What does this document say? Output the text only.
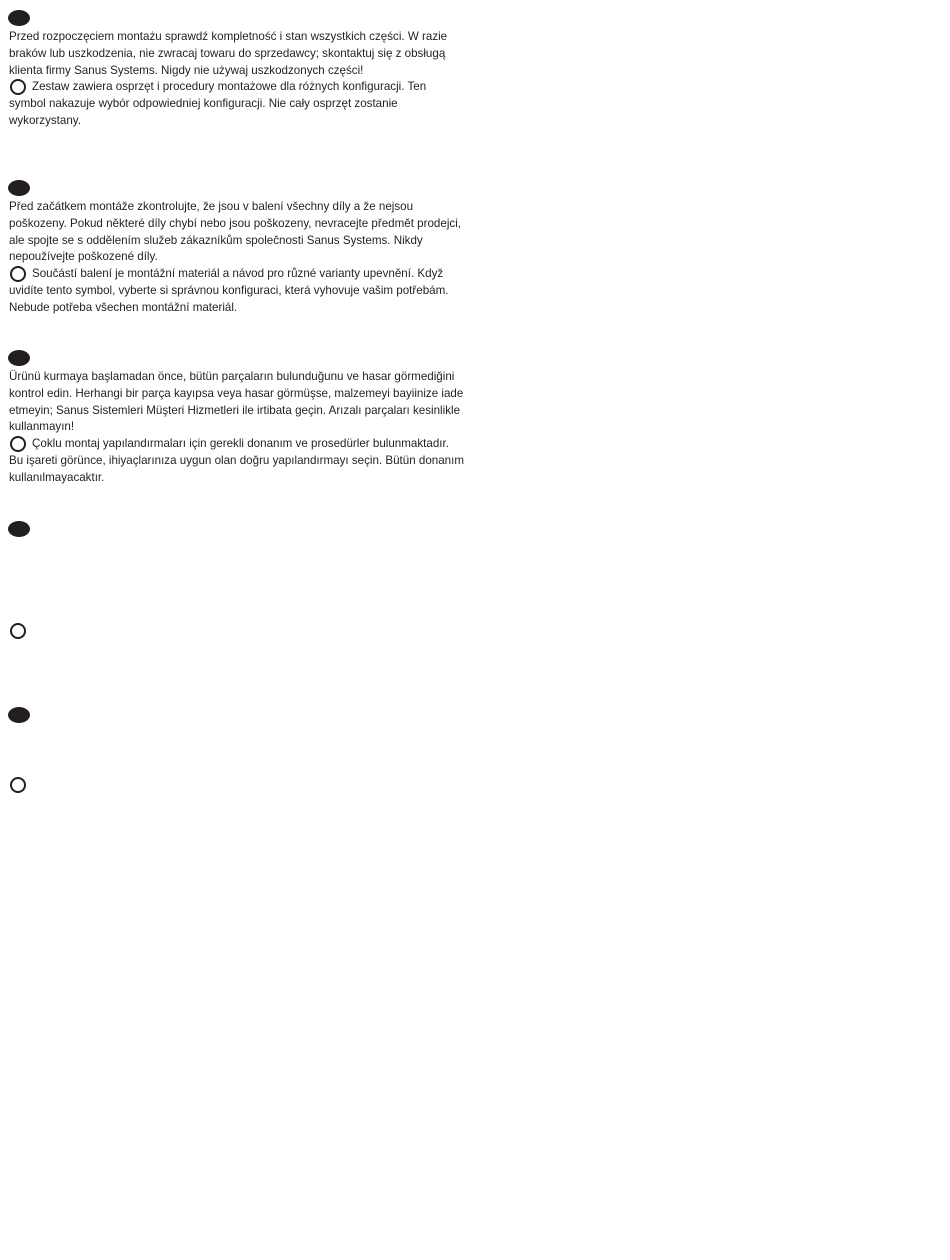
Przed rozpoczęciem montażu sprawdź kompletność i stan wszystkich części. W razie braków lub uszkodzenia, nie zwracaj towaru do sprzedawcy; skontaktuj się z obsługą klienta firmy Sanus Systems. Nigdy nie używaj uszkodzonych części!

Zestaw zawiera osprzęt i procedury montażowe dla różnych konfiguracji. Ten symbol nakazuje wybór odpowiedniej konfiguracji. Nie cały osprzęt zostanie wykorzystany.

Před začátkem montáže zkontrolujte, že jsou v balení všechny díly a že nejsou poškozeny. Pokud některé díly chybí nebo jsou poškozeny, nevracejte předmět prodejci, ale spojte se s oddělením služeb zákazníkům společnosti Sanus Systems. Nikdy nepoužívejte poškozené díly.

Součástí balení je montážní materiál a návod pro různé varianty upevnění. Když uvidíte tento symbol, vyberte si správnou konfiguraci, která vyhovuje vašim potřebám. Nebude potřeba všechen montážní materiál.

Ürünü kurmaya başlamadan önce, bütün parçaların bulunduğunu ve hasar görmediğini kontrol edin. Herhangi bir parça kayıpsa veya hasar görmüşse, malzemeyi bayiinize iade etmeyin; Sanus Sistemleri Müşteri Hizmetleri ile irtibata geçin. Arızalı parçaları kesinlikle kullanmayın!

Çoklu montaj yapılandırmaları için gerekli donanım ve prosedürler bulunmaktadır. Bu işareti görünce, ihiyaçlarınıza uygun olan doğru yapılandırmayı seçin. Bütün donanım kullanılmayacaktır.
